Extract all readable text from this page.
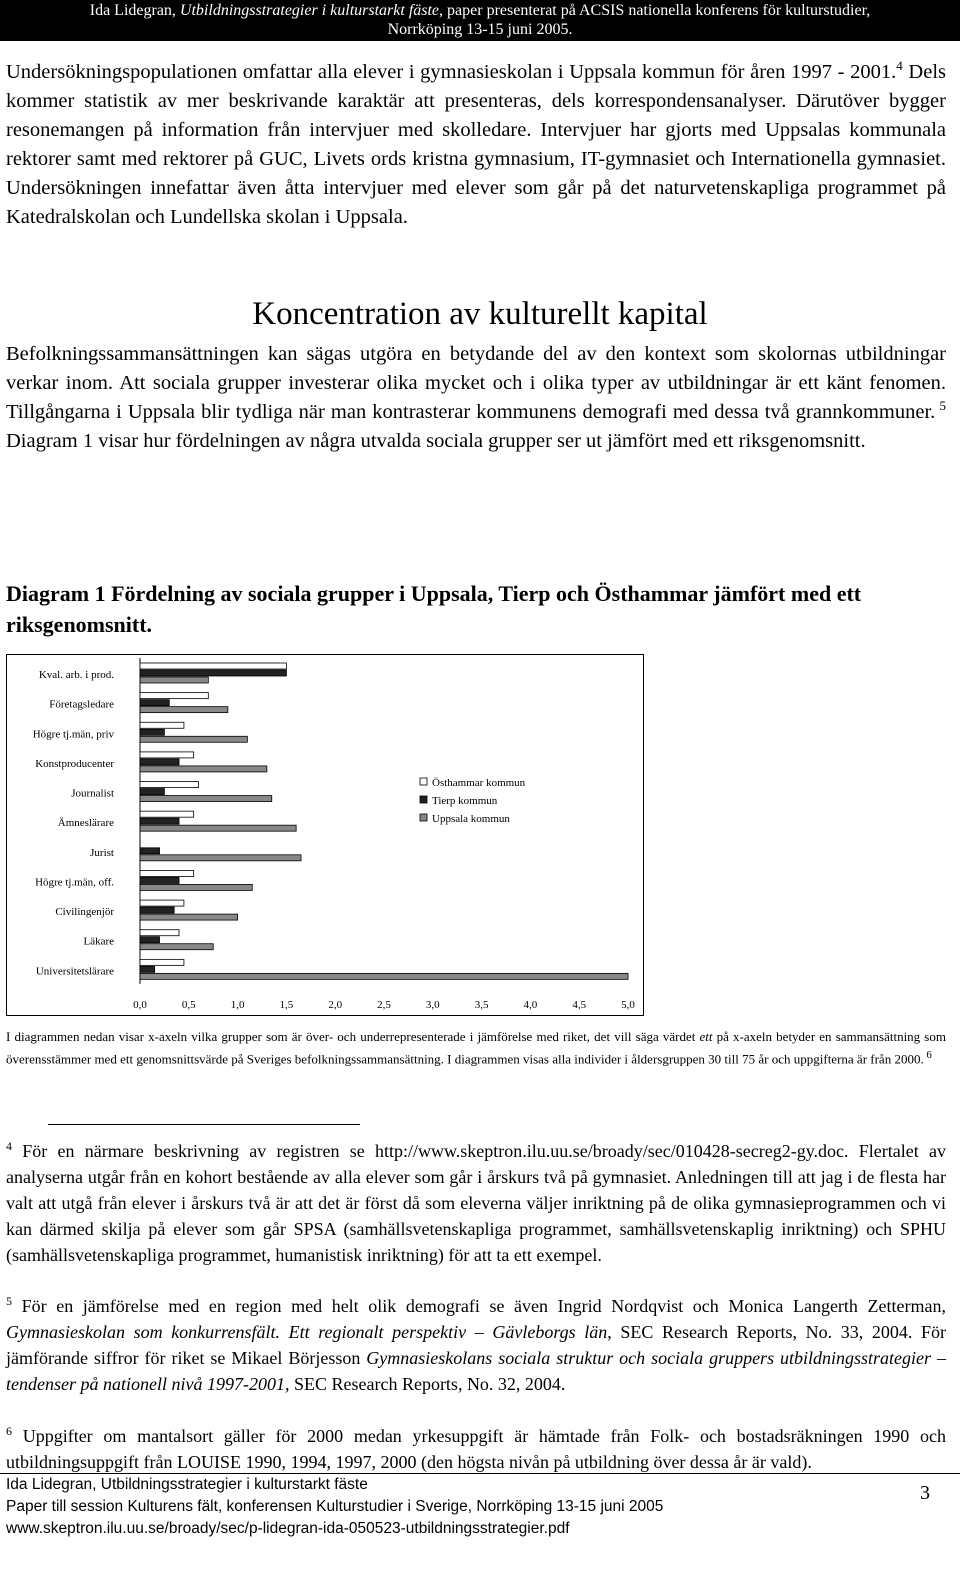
Ida Lidegran, Utbildningsstrategier i kulturstarkt fäste, paper presenterat på ACSIS nationella konferens för kulturstudier,
Norrköping 13-15 juni 2005.
Undersökningspopulationen omfattar alla elever i gymnasieskolan i Uppsala kommun för åren 1997 - 2001.$^4$ Dels kommer statistik av mer beskrivande karaktär att presenteras, dels korrespondensanalyser. Därutöver bygger resonemangen på information från intervjuer med skolledare. Intervjuer har gjorts med Uppsalas kommunala rektorer samt med rektorer på GUC, Livets ords kristna gymnasium, IT-gymnasiet och Internationella gymnasiet. Undersökningen innefattar även åtta intervjuer med elever som går på det naturvetenskapliga programmet på Katedralskolan och Lundellska skolan i Uppsala.
Koncentration av kulturellt kapital
Befolkningssammansättningen kan sägas utgöra en betydande del av den kontext som skolornas utbildningar verkar inom. Att sociala grupper investerar olika mycket och i olika typer av utbildningar är ett känt fenomen. Tillgångarna i Uppsala blir tydliga när man kontrasterar kommunens demografi med dessa två grannkommuner. $^5$ Diagram 1 visar hur fördelningen av några utvalda sociala grupper ser ut jämfört med ett riksgenomsnitt.
Diagram 1 Fördelning av sociala grupper i Uppsala, Tierp och Östhammar jämfört med ett riksgenomsnitt.
Kval. arb. i prod.
Företagsledare
Högre tj.män, priv
Konstproducenter
Journalist
Ämneslärare
Jurist
Högre tj.män, off.
Civilingenjör
Läkare
Universitetslärare
0,0	0,5	1,0	1,5	2,0	2,5	3,0	3,5	4,0	4,5	5,0
Östhammar kommun
Tierp kommun
Uppsala kommun
I diagrammen nedan visar x-axeln vilka grupper som är över- och underrepresenterade i jämförelse med riket, det vill säga värdet ett på x-axeln betyder en sammansättning som överensstämmer med ett genomsnittsvärde på Sveriges befolkningssammansättning. I diagrammen visas alla individer i åldersgruppen 30 till 75 år och uppgifterna är från 2000. $^6$
$^4$ För en närmare beskrivning av registren se http://www.skeptron.ilu.uu.se/broady/sec/010428-secreg2-gy.doc. Flertalet av analyserna utgår från en kohort bestående av alla elever som går i årskurs två på gymnasiet. Anledningen till att jag i de flesta har valt att utgå från elever i årskurs två är att det är först då som eleverna väljer inriktning på de olika gymnasieprogrammen och vi kan därmed skilja på elever som går SPSA (samhällsvetenskapliga programmet, samhällsvetenskaplig inriktning) och SPHU (samhällsvetenskapliga programmet, humanistisk inriktning) för att ta ett exempel.
$^5$ För en jämförelse med en region med helt olik demografi se även Ingrid Nordqvist och Monica Langerth Zetterman, Gymnasieskolan som konkurrensfält. Ett regionalt perspektiv – Gävleborgs län, SEC Research Reports, No. 33, 2004. För jämförande siffror för riket se Mikael Börjesson Gymnasieskolans sociala struktur och sociala gruppers utbildningsstrategier – tendenser på nationell nivå 1997-2001, SEC Research Reports, No. 32, 2004.
$^6$ Uppgifter om mantalsort gäller för 2000 medan yrkesuppgift är hämtade från Folk- och bostadsräkningen 1990 och utbildningsuppgift från LOUISE 1990, 1994, 1997, 2000 (den högsta nivån på utbildning över dessa år är vald).
Ida Lidegran, Utbildningsstrategier i kulturstarkt fäste
Paper till session Kulturens fält, konferensen Kulturstudier i Sverige, Norrköping 13-15 juni 2005
www.skeptron.ilu.uu.se/broady/sec/p-lidegran-ida-050523-utbildningsstrategier.pdf
3
